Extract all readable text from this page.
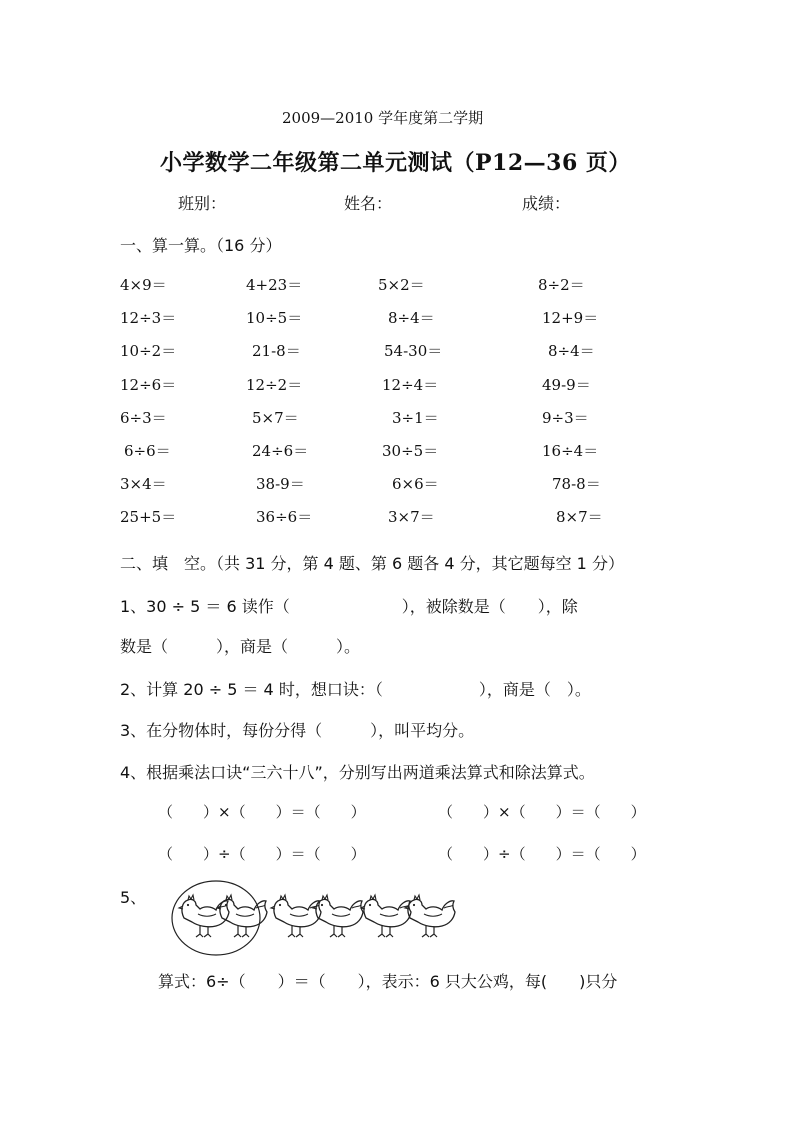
2009—2010 学年度第二学期
小学数学二年级第二单元测试（P12—36 页）
班别：	姓名：	成绩：
一、算一算。（16 分）
4×9＝	4+23＝	5×2＝	8÷2＝
12÷3＝	10÷5＝	8÷4＝	12+9＝
10÷2＝	21-8＝	54-30＝	8÷4＝
12÷6＝	12÷2＝	12÷4＝	49-9＝
6÷3＝	5×7＝	3÷1＝	9÷3＝
6÷6＝	24÷6＝	30÷5＝	16÷4＝
3×4＝	38-9＝	6×6＝	78-8＝
25+5＝	36÷6＝	3×7＝	8×7＝
二、填　空。（共 31 分，第 4 题、第 6 题各 4 分，其它题每空 1 分）
1、30 ÷ 5 ＝ 6 读作（　　　　　　　），被除数是（　　），除
数是（　　　），商是（　　　）。
2、计算 20 ÷ 5 ＝ 4 时，想口诀：（　　　　　　），商是（　）。
3、在分物体时，每份分得（　　　），叫平均分。
4、根据乘法口诀“三六十八”，分别写出两道乘法算式和除法算式。
（　　）×（　　）＝（　　）	（　　）×（　　）＝（　　）
（　　）÷（　　）＝（　　）	（　　）÷（　　）＝（　　）
5、
算式：6÷（　　）＝（　　），表示：6 只大公鸡，每(　　)只分
